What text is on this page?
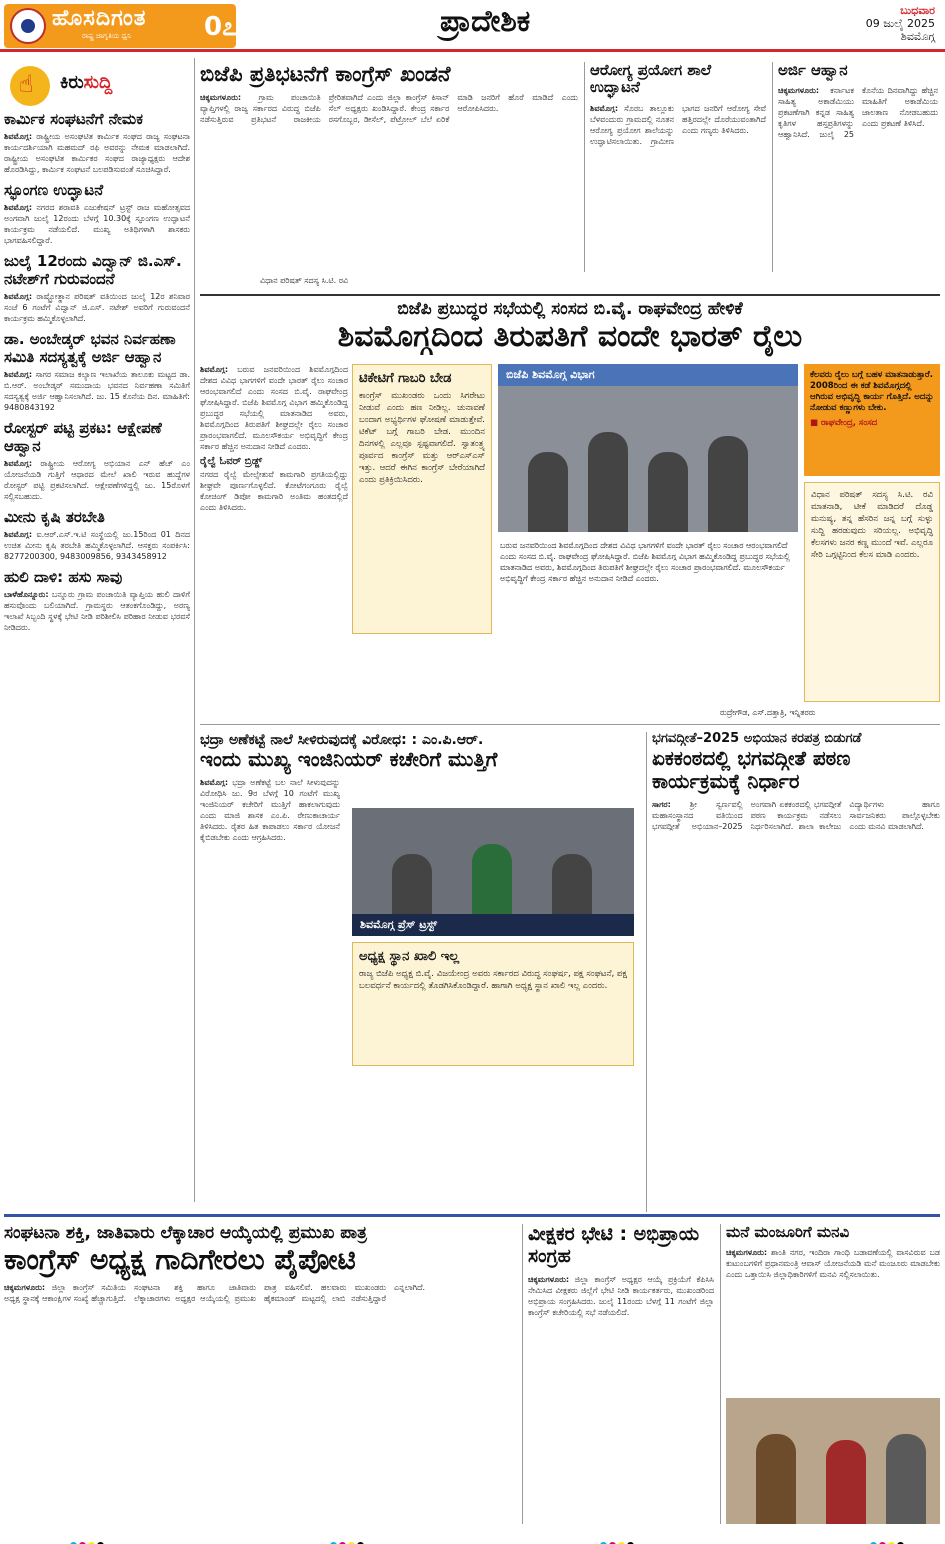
ಹೊಸದಿಗಂತ
ರಾಷ್ಟ್ರ ಜಾಗೃತಿಯ ಧ್ವನಿ	0೭	ಪ್ರಾದೇಶಿಕ	ಬುಧವಾರ
09 ಜುಲೈ 2025
ಶಿವಮೊಗ್ಗ
☝
ಕಿರುಸುದ್ದಿ
ಕಾರ್ಮಿಕ ಸಂಘಟನೆಗೆ ನೇಮಕ

ಶಿವಮೊಗ್ಗ: ರಾಷ್ಟ್ರೀಯ ಅಸಂಘಟಿತ ಕಾರ್ಮಿಕ ಸಂಘದ ರಾಜ್ಯ ಸಂಘಟನಾ ಕಾರ್ಯದರ್ಶಿಯಾಗಿ ಮಹಮದ್ ರಫಿ ಅವರನ್ನು ನೇಮಕ ಮಾಡಲಾಗಿದೆ. ರಾಷ್ಟ್ರೀಯ ಅಸಂಘಟಿತ ಕಾರ್ಮಿಕರ ಸಂಘದ ರಾಜ್ಯಾಧ್ಯಕ್ಷರು ಆದೇಶ ಹೊರಡಿಸಿದ್ದು, ಕಾರ್ಮಿಕ ಸಂಘಟನೆ ಬಲಪಡಿಸುವಂತೆ ಸೂಚಿಸಿದ್ದಾರೆ.

ಸ್ಫೂಂಗಣ ಉದ್ಘಾಟನೆ

ಶಿವಮೊಗ್ಗ: ನಗರದ ಶರಾವತಿ ಎಜುಕೇಷನ್ ಟ್ರಸ್ಟ್ ರಾಜ ಮಹೋತ್ಸವದ ಅಂಗವಾಗಿ ಜುಲೈ 12ರಂದು ಬೆಳಗ್ಗೆ 10.30ಕ್ಕೆ ಸ್ಫೂಂಗಣ ಉದ್ಘಾಟನೆ ಕಾರ್ಯಕ್ರಮ ನಡೆಯಲಿದೆ. ಮುಖ್ಯ ಅತಿಥಿಗಳಾಗಿ ಶಾಸಕರು ಭಾಗವಹಿಸಲಿದ್ದಾರೆ.

ಜುಲೈ 12ರಂದು ವಿದ್ವಾನ್ ಜಿ.ಎಸ್. ನಟೇಶ್‌ಗೆ ಗುರುವಂದನೆ

ಶಿವಮೊಗ್ಗ: ರಾಷ್ಟ್ರೋತ್ಥಾನ ಪರಿಷತ್ ವತಿಯಿಂದ ಜುಲೈ 12ರ ಶನಿವಾರ ಸಂಜೆ 6 ಗಂಟೆಗೆ ವಿದ್ವಾನ್ ಜಿ.ಎಸ್. ನಟೇಶ್ ಅವರಿಗೆ ಗುರುವಂದನೆ ಕಾರ್ಯಕ್ರಮ ಹಮ್ಮಿಕೊಳ್ಳಲಾಗಿದೆ.

ಡಾ. ಅಂಬೇಡ್ಕರ್ ಭವನ ನಿರ್ವಹಣಾ ಸಮಿತಿ ಸದಸ್ಯತ್ವಕ್ಕೆ ಅರ್ಜಿ ಆಹ್ವಾನ

ಶಿವಮೊಗ್ಗ: ಸಾಗರ ಸಮಾಜ ಕಲ್ಯಾಣ ಇಲಾಖೆಯ ತಾಲೂಕು ಮಟ್ಟದ ಡಾ. ಬಿ.ಆರ್. ಅಂಬೇಡ್ಕರ್ ಸಮುದಾಯ ಭವನದ ನಿರ್ವಹಣಾ ಸಮಿತಿಗೆ ಸದಸ್ಯತ್ವಕ್ಕೆ ಅರ್ಜಿ ಆಹ್ವಾನಿಸಲಾಗಿದೆ. ಜು. 15 ಕೊನೆಯ ದಿನ. ಮಾಹಿತಿಗೆ: 9480843192

ರೋಸ್ಟರ್ ಪಟ್ಟಿ ಪ್ರಕಟ: ಆಕ್ಷೇಪಣೆ ಆಹ್ವಾನ

ಶಿವಮೊಗ್ಗ: ರಾಷ್ಟ್ರೀಯ ಆರೋಗ್ಯ ಅಭಿಯಾನ ಎನ್ ಹೆಚ್ ಎಂ ಯೋಜನೆಯಡಿ ಗುತ್ತಿಗೆ ಆಧಾರದ ಮೇಲೆ ಖಾಲಿ ಇರುವ ಹುದ್ದೆಗಳ ರೋಸ್ಟರ್ ಪಟ್ಟಿ ಪ್ರಕಟಿಸಲಾಗಿದೆ. ಆಕ್ಷೇಪಣೆಗಳಿದ್ದಲ್ಲಿ ಜು. 15ರೊಳಗೆ ಸಲ್ಲಿಸಬಹುದು.

ಮೀನು ಕೃಷಿ ತರಬೇತಿ

ಶಿವಮೊಗ್ಗ: ಐ.ಆರ್.ಎಸ್.ಇ.ಟಿ ಸಂಸ್ಥೆಯಲ್ಲಿ ಜು.15ರಿಂದ 01 ದಿನದ ಉಚಿತ ಮೀನು ಕೃಷಿ ತರಬೇತಿ ಹಮ್ಮಿಕೊಳ್ಳಲಾಗಿದೆ. ಆಸಕ್ತರು ಸಂಪರ್ಕಿಸಿ: 8277200300, 9483009856, 9343458912

ಹುಲಿ ದಾಳಿ: ಹಸು ಸಾವು

ಬಾಳೆಹೊನ್ನೂರು: ಬನ್ನೂರು ಗ್ರಾಮ ಪಂಚಾಯಿತಿ ವ್ಯಾಪ್ತಿಯ ಹುಲಿ ದಾಳಿಗೆ ಹಸುವೊಂದು ಬಲಿಯಾಗಿದೆ. ಗ್ರಾಮಸ್ಥರು ಆತಂಕಗೊಂಡಿದ್ದು, ಅರಣ್ಯ ಇಲಾಖೆ ಸಿಬ್ಬಂದಿ ಸ್ಥಳಕ್ಕೆ ಭೇಟಿ ನೀಡಿ ಪರಿಶೀಲಿಸಿ ಪರಿಹಾರ ನೀಡುವ ಭರವಸೆ ನೀಡಿದರು.

ಬಿಜೆಪಿ ಪ್ರತಿಭಟನೆಗೆ ಕಾಂಗ್ರೆಸ್ ಖಂಡನೆ

ಚಿಕ್ಕಮಗಳೂರು: ಗ್ರಾಮ ಪಂಚಾಯಿತಿ ವ್ಯಾಪ್ತಿಗಳಲ್ಲಿ ರಾಜ್ಯ ಸರ್ಕಾರದ ವಿರುದ್ಧ ಬಿಜೆಪಿ ನಡೆಸುತ್ತಿರುವ ಪ್ರತಿಭಟನೆ ರಾಜಕೀಯ ಪ್ರೇರಿತವಾಗಿದೆ ಎಂದು ಜಿಲ್ಲಾ ಕಾಂಗ್ರೆಸ್ ಕಿಸಾನ್ ಸೆಲ್ ಅಧ್ಯಕ್ಷರು ಖಂಡಿಸಿದ್ದಾರೆ. ಕೇಂದ್ರ ಸರ್ಕಾರ ರಸಗೊಬ್ಬರ, ಡೀಸೆಲ್, ಪೆಟ್ರೋಲ್ ಬೆಲೆ ಏರಿಕೆ ಮಾಡಿ ಜನರಿಗೆ ಹೊರೆ ಮಾಡಿದೆ ಎಂದು ಆರೋಪಿಸಿದರು.

ವಿಧಾನ ಪರಿಷತ್ ಸದಸ್ಯ ಸಿ.ಟಿ. ರವಿ

ಆರೋಗ್ಯ ಪ್ರಯೋಗ ಶಾಲೆ ಉದ್ಘಾಟನೆ

ಶಿವಮೊಗ್ಗ: ಸೊರಬ ತಾಲ್ಲೂಕು ಬೆಳವಂದುರು ಗ್ರಾಮದಲ್ಲಿ ನೂತನ ಆರೋಗ್ಯ ಪ್ರಯೋಗ ಶಾಲೆಯನ್ನು ಉದ್ಘಾಟಿಸಲಾಯಿತು. ಗ್ರಾಮೀಣ ಭಾಗದ ಜನರಿಗೆ ಆರೋಗ್ಯ ಸೇವೆ ಹತ್ತಿರದಲ್ಲೇ ದೊರೆಯುವಂತಾಗಿದೆ ಎಂದು ಗಣ್ಯರು ತಿಳಿಸಿದರು.

ಅರ್ಜಿ ಆಹ್ವಾನ

ಚಿಕ್ಕಮಗಳೂರು: ಕರ್ನಾಟಕ ಸಾಹಿತ್ಯ ಅಕಾಡೆಮಿಯು ಪ್ರಕಟಣೆಗಾಗಿ ಕನ್ನಡ ಸಾಹಿತ್ಯ ಕೃತಿಗಳ ಹಸ್ತಪ್ರತಿಗಳನ್ನು ಆಹ್ವಾನಿಸಿದೆ. ಜುಲೈ 25 ಕೊನೆಯ ದಿನವಾಗಿದ್ದು ಹೆಚ್ಚಿನ ಮಾಹಿತಿಗೆ ಅಕಾಡೆಮಿಯ ಜಾಲತಾಣ ನೋಡಬಹುದು ಎಂದು ಪ್ರಕಟಣೆ ತಿಳಿಸಿದೆ.

ಬಿಜೆಪಿ ಪ್ರಬುದ್ಧರ ಸಭೆಯಲ್ಲಿ ಸಂಸದ ಬಿ.ವೈ. ರಾಘವೇಂದ್ರ ಹೇಳಿಕೆ
ಶಿವಮೊಗ್ಗದಿಂದ ತಿರುಪತಿಗೆ ವಂದೇ ಭಾರತ್ ರೈಲು

ಶಿವಮೊಗ್ಗ: ಬರುವ ಜನವರಿಯಿಂದ ಶಿವಮೊಗ್ಗದಿಂದ ದೇಶದ ವಿವಿಧ ಭಾಗಗಳಿಗೆ ವಂದೇ ಭಾರತ್ ರೈಲು ಸಂಚಾರ ಆರಂಭವಾಗಲಿದೆ ಎಂದು ಸಂಸದ ಬಿ.ವೈ. ರಾಘವೇಂದ್ರ ಘೋಷಿಸಿದ್ದಾರೆ. ಬಿಜೆಪಿ ಶಿವಮೊಗ್ಗ ವಿಭಾಗ ಹಮ್ಮಿಕೊಂಡಿದ್ದ ಪ್ರಬುದ್ಧರ ಸಭೆಯಲ್ಲಿ ಮಾತನಾಡಿದ ಅವರು, ಶಿವಮೊಗ್ಗದಿಂದ ತಿರುಪತಿಗೆ ಶೀಘ್ರದಲ್ಲೇ ರೈಲು ಸಂಚಾರ ಪ್ರಾರಂಭವಾಗಲಿದೆ. ಮೂಲಸೌಕರ್ಯ ಅಭಿವೃದ್ಧಿಗೆ ಕೇಂದ್ರ ಸರ್ಕಾರ ಹೆಚ್ಚಿನ ಅನುದಾನ ನೀಡಿದೆ ಎಂದರು.

ರೈಲ್ವೆ ಓವರ್ ಬ್ರಿಡ್ಜ್

ನಗರದ ರೈಲ್ವೆ ಮೇಲ್ಸೇತುವೆ ಕಾಮಗಾರಿ ಪ್ರಗತಿಯಲ್ಲಿದ್ದು ಶೀಘ್ರವೇ ಪೂರ್ಣಗೊಳ್ಳಲಿದೆ. ಕೋಟೆಗಂಗೂರು ರೈಲ್ವೆ ಕೋಚಿಂಗ್ ಡಿಪೋ ಕಾಮಗಾರಿ ಅಂತಿಮ ಹಂತದಲ್ಲಿದೆ ಎಂದು ತಿಳಿಸಿದರು.

ಟಿಕೇಟಿಗೆ ಗಾಬರಿ ಬೇಡ

ಕಾಂಗ್ರೆಸ್ ಮುಖಂಡರು ಒಂದು ಸಿಗರೇಟು ನೀಡುವೆ ಎಂದು ಹಣ ನೀಡಿಲ್ಲ. ಚುನಾವಣೆ ಬಂದಾಗ ಅಭ್ಯರ್ಥಿಗಳ ಘೋಷಣೆ ಮಾಡುತ್ತೇವೆ. ಟಿಕೆಟ್ ಬಗ್ಗೆ ಗಾಬರಿ ಬೇಡ. ಮುಂದಿನ ದಿನಗಳಲ್ಲಿ ಎಲ್ಲವೂ ಸ್ಪಷ್ಟವಾಗಲಿದೆ. ಸ್ವಾತಂತ್ರ್ಯ ಪೂರ್ವದ ಕಾಂಗ್ರೆಸ್ ಮತ್ತು ಆರ್‌ಎಸ್‌ಎಸ್ ಇತ್ತು. ಆದರೆ ಈಗಿನ ಕಾಂಗ್ರೆಸ್ ಬೇರೆಯಾಗಿದೆ ಎಂದು ಪ್ರತಿಕ್ರಿಯಿಸಿದರು.

ಬಿಜೆಪಿ ಶಿವಮೊಗ್ಗ ವಿಭಾಗ	ಕೆಲವರು ರೈಲು ಬಗ್ಗೆ ಬಹಳ ಮಾತನಾಡುತ್ತಾರೆ. 2008ರಿಂದ ಈ ಕಡೆ ಶಿವಮೊಗ್ಗದಲ್ಲಿ ಆಗಿರುವ ಅಭಿವೃದ್ಧಿ ಕಾರ್ಯ ಗೊತ್ತಿದೆ. ಅದನ್ನು ನೋಡುವ ಕಣ್ಣುಗಳು ಬೇಕು.

■ ರಾಘವೇಂದ್ರ, ಸಂಸದ

ವಿಧಾನ ಪರಿಷತ್ ಸದಸ್ಯ ಸಿ.ಟಿ. ರವಿ ಮಾತನಾಡಿ, ಟೀಕೆ ಮಾಡಿದರೆ ದೊಡ್ಡ ಮನುಷ್ಯ, ತನ್ನ ಹೆಸರಿನ ಜನ್ನ ಬಗ್ಗೆ ಸುಳ್ಳು ಸುದ್ದಿ ಹರಡುವುದು ಸರಿಯಲ್ಲ. ಅಭಿವೃದ್ಧಿ ಕೆಲಸಗಳು ಜನರ ಕಣ್ಣ ಮುಂದೆ ಇವೆ. ಎಲ್ಲರೂ ಸೇರಿ ಒಗ್ಗಟ್ಟಿನಿಂದ ಕೆಲಸ ಮಾಡಿ ಎಂದರು.

ಬರುವ ಜನವರಿಯಿಂದ ಶಿವಮೊಗ್ಗದಿಂದ ದೇಶದ ವಿವಿಧ ಭಾಗಗಳಿಗೆ ವಂದೇ ಭಾರತ್ ರೈಲು ಸಂಚಾರ ಆರಂಭವಾಗಲಿದೆ ಎಂದು ಸಂಸದ ಬಿ.ವೈ. ರಾಘವೇಂದ್ರ ಘೋಷಿಸಿದ್ದಾರೆ. ಬಿಜೆಪಿ ಶಿವಮೊಗ್ಗ ವಿಭಾಗ ಹಮ್ಮಿಕೊಂಡಿದ್ದ ಪ್ರಬುದ್ಧರ ಸಭೆಯಲ್ಲಿ ಮಾತನಾಡಿದ ಅವರು, ಶಿವಮೊಗ್ಗದಿಂದ ತಿರುಪತಿಗೆ ಶೀಘ್ರದಲ್ಲೇ ರೈಲು ಸಂಚಾರ ಪ್ರಾರಂಭವಾಗಲಿದೆ. ಮೂಲಸೌಕರ್ಯ ಅಭಿವೃದ್ಧಿಗೆ ಕೇಂದ್ರ ಸರ್ಕಾರ ಹೆಚ್ಚಿನ ಅನುದಾನ ನೀಡಿದೆ ಎಂದರು.

ರುದ್ರೇಗೌಡ, ಎಸ್.ದತ್ತಾತ್ರಿ, ಇನ್ನಿತರರು

ಭದ್ರಾ ಅಣೆಕಟ್ಟೆ ನಾಲೆ ಸೀಳಿರುವುದಕ್ಕೆ ವಿರೋಧ: : ಎಂ.ಪಿ.ಆರ್.
ಇಂದು ಮುಖ್ಯ ಇಂಜಿನಿಯರ್ ಕಚೇರಿಗೆ ಮುತ್ತಿಗೆ

ಶಿವಮೊಗ್ಗ: ಭದ್ರಾ ಅಣೆಕಟ್ಟೆ ಬಲ ನಾಲೆ ಸೀಳುವುದನ್ನು ವಿರೋಧಿಸಿ ಜು. 9ರ ಬೆಳಗ್ಗೆ 10 ಗಂಟೆಗೆ ಮುಖ್ಯ ಇಂಜಿನಿಯರ್ ಕಚೇರಿಗೆ ಮುತ್ತಿಗೆ ಹಾಕಲಾಗುವುದು ಎಂದು ಮಾಜಿ ಶಾಸಕ ಎಂ.ಪಿ. ರೇಣುಕಾಚಾರ್ಯ ತಿಳಿಸಿದರು. ರೈತರ ಹಿತ ಕಾಪಾಡಲು ಸರ್ಕಾರ ಯೋಜನೆ ಕೈಬಿಡಬೇಕು ಎಂದು ಆಗ್ರಹಿಸಿದರು.

ಶಿವಮೊಗ್ಗ ಪ್ರೆಸ್ ಟ್ರಸ್ಟ್
ಅಧ್ಯಕ್ಷ ಸ್ಥಾನ ಖಾಲಿ ಇಲ್ಲ

ರಾಜ್ಯ ಬಿಜೆಪಿ ಅಧ್ಯಕ್ಷ ಬಿ.ವೈ. ವಿಜಯೇಂದ್ರ ಅವರು ಸರ್ಕಾರದ ವಿರುದ್ಧ ಸಂಘರ್ಷ, ಪಕ್ಷ ಸಂಘಟನೆ, ಪಕ್ಷ ಬಲವರ್ಧನೆ ಕಾರ್ಯದಲ್ಲಿ ತೊಡಗಿಸಿಕೊಂಡಿದ್ದಾರೆ. ಹಾಗಾಗಿ ಅಧ್ಯಕ್ಷ ಸ್ಥಾನ ಖಾಲಿ ಇಲ್ಲ ಎಂದರು.

ಭಗವದ್ಗೀತೆ–2025 ಅಭಿಯಾನ ಕರಪತ್ರ ಬಿಡುಗಡೆ
ಏಕಕಂಠದಲ್ಲಿ ಭಗವದ್ಗೀತೆ ಪಠಣ ಕಾರ್ಯಕ್ರಮಕ್ಕೆ ನಿರ್ಧಾರ

ಸಾಗರ: ಶ್ರೀ ಸ್ವರ್ಣವಲ್ಲಿ ಮಹಾಸಂಸ್ಥಾನದ ವತಿಯಿಂದ ಭಗವದ್ಗೀತೆ ಅಭಿಯಾನ–2025 ಅಂಗವಾಗಿ ಏಕಕಂಠದಲ್ಲಿ ಭಗವದ್ಗೀತೆ ಪಠಣ ಕಾರ್ಯಕ್ರಮ ನಡೆಸಲು ನಿರ್ಧರಿಸಲಾಗಿದೆ. ಶಾಲಾ ಕಾಲೇಜು ವಿದ್ಯಾರ್ಥಿಗಳು ಹಾಗೂ ಸಾರ್ವಜನಿಕರು ಪಾಲ್ಗೊಳ್ಳಬೇಕು ಎಂದು ಮನವಿ ಮಾಡಲಾಗಿದೆ.

ಸಂಘಟನಾ ಶಕ್ತಿ, ಜಾತಿವಾರು ಲೆಕ್ಕಾಚಾರ ಆಯ್ಕೆಯಲ್ಲಿ ಪ್ರಮುಖ ಪಾತ್ರ
ಕಾಂಗ್ರೆಸ್ ಅಧ್ಯಕ್ಷ ಗಾದಿಗೇರಲು ಪೈಪೋಟಿ

ಚಿಕ್ಕಮಗಳೂರು: ಜಿಲ್ಲಾ ಕಾಂಗ್ರೆಸ್ ಸಮಿತಿಯ ಅಧ್ಯಕ್ಷ ಸ್ಥಾನಕ್ಕೆ ಆಕಾಂಕ್ಷಿಗಳ ಸಂಖ್ಯೆ ಹೆಚ್ಚಾಗುತ್ತಿದೆ. ಸಂಘಟನಾ ಶಕ್ತಿ ಹಾಗೂ ಜಾತಿವಾರು ಲೆಕ್ಕಾಚಾರಗಳು ಅಧ್ಯಕ್ಷರ ಆಯ್ಕೆಯಲ್ಲಿ ಪ್ರಮುಖ ಪಾತ್ರ ವಹಿಸಲಿವೆ. ಹಲವಾರು ಮುಖಂಡರು ಹೈಕಮಾಂಡ್ ಮಟ್ಟದಲ್ಲಿ ಲಾಬಿ ನಡೆಸುತ್ತಿದ್ದಾರೆ ಎನ್ನಲಾಗಿದೆ.

ವೀಕ್ಷಕರ ಭೇಟಿ : ಅಭಿಪ್ರಾಯ ಸಂಗ್ರಹ

ಚಿಕ್ಕಮಗಳೂರು: ಜಿಲ್ಲಾ ಕಾಂಗ್ರೆಸ್ ಅಧ್ಯಕ್ಷರ ಆಯ್ಕೆ ಪ್ರಕ್ರಿಯೆಗೆ ಕೆಪಿಸಿಸಿ ನೇಮಿಸಿದ ವೀಕ್ಷಕರು ಜಿಲ್ಲೆಗೆ ಭೇಟಿ ನೀಡಿ ಕಾರ್ಯಕರ್ತರು, ಮುಖಂಡರಿಂದ ಅಭಿಪ್ರಾಯ ಸಂಗ್ರಹಿಸಿದರು. ಜುಲೈ 11ರಂದು ಬೆಳಗ್ಗೆ 11 ಗಂಟೆಗೆ ಜಿಲ್ಲಾ ಕಾಂಗ್ರೆಸ್ ಕಚೇರಿಯಲ್ಲಿ ಸಭೆ ನಡೆಯಲಿದೆ.

ಮನೆ ಮಂಜೂರಿಗೆ ಮನವಿ

ಚಿಕ್ಕಮಗಳೂರು: ಶಾಂತಿ ನಗರ, ಇಂದಿರಾ ಗಾಂಧಿ ಬಡಾವಣೆಯಲ್ಲಿ ವಾಸವಿರುವ ಬಡ ಕುಟುಂಬಗಳಿಗೆ ಪ್ರಧಾನಮಂತ್ರಿ ಆವಾಸ್ ಯೋಜನೆಯಡಿ ಮನೆ ಮಂಜೂರು ಮಾಡಬೇಕು ಎಂದು ಒತ್ತಾಯಿಸಿ ಜಿಲ್ಲಾಧಿಕಾರಿಗಳಿಗೆ ಮನವಿ ಸಲ್ಲಿಸಲಾಯಿತು.
